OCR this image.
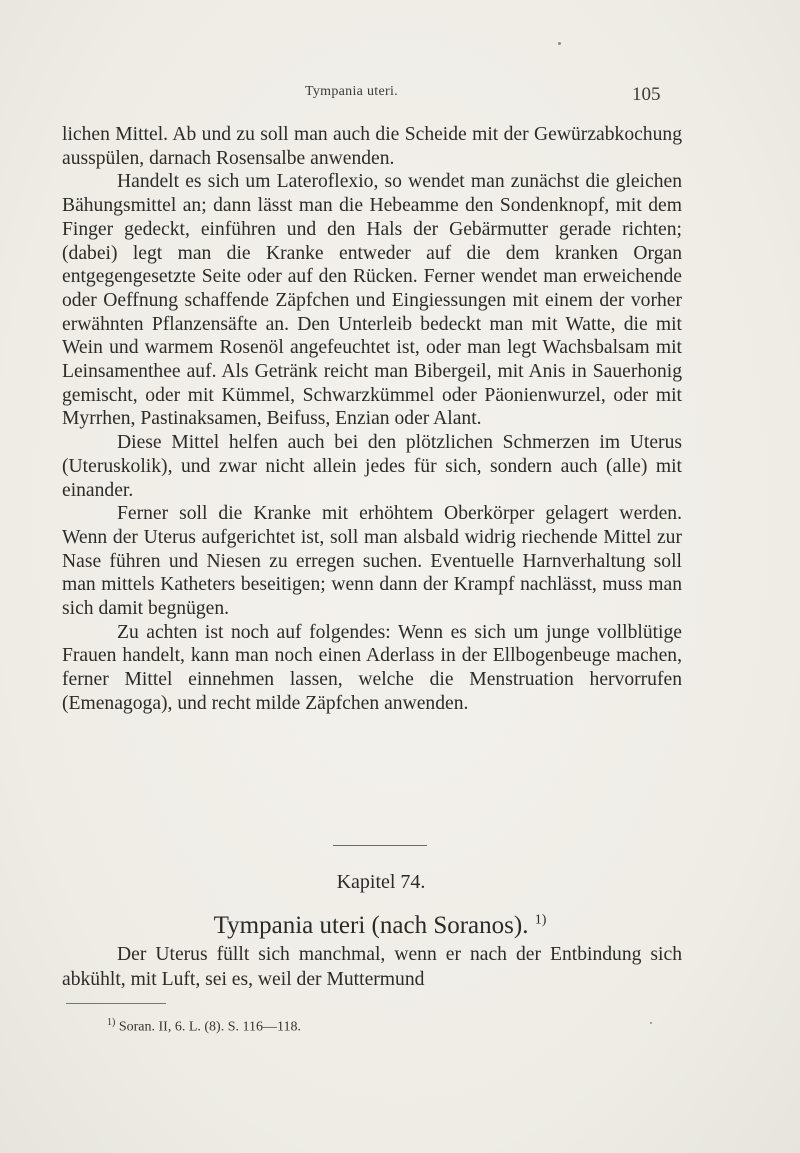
Tympania uteri.	105

lichen Mittel. Ab und zu soll man auch die Scheide mit der Gewürzabkochung ausspülen, darnach Rosensalbe anwenden.

Handelt es sich um Lateroflexio, so wendet man zunächst die gleichen Bähungsmittel an; dann lässt man die Hebeamme den Sondenknopf, mit dem Finger gedeckt, einführen und den Hals der Gebärmutter gerade richten; (dabei) legt man die Kranke entweder auf die dem kranken Organ entgegengesetzte Seite oder auf den Rücken. Ferner wendet man erweichende oder Oeffnung schaffende Zäpfchen und Eingiessungen mit einem der vorher erwähnten Pflanzensäfte an. Den Unterleib bedeckt man mit Watte, die mit Wein und warmem Rosenöl angefeuchtet ist, oder man legt Wachsbalsam mit Leinsamenthee auf. Als Getränk reicht man Bibergeil, mit Anis in Sauerhonig gemischt, oder mit Kümmel, Schwarzkümmel oder Päonienwurzel, oder mit Myrrhen, Pastinaksamen, Beifuss, Enzian oder Alant.

Diese Mittel helfen auch bei den plötzlichen Schmerzen im Uterus (Uteruskolik), und zwar nicht allein jedes für sich, sondern auch (alle) mit einander.

Ferner soll die Kranke mit erhöhtem Oberkörper gelagert werden. Wenn der Uterus aufgerichtet ist, soll man alsbald widrig riechende Mittel zur Nase führen und Niesen zu erregen suchen. Eventuelle Harnverhaltung soll man mittels Katheters beseitigen; wenn dann der Krampf nachlässt, muss man sich damit begnügen.

Zu achten ist noch auf folgendes: Wenn es sich um junge vollblütige Frauen handelt, kann man noch einen Aderlass in der Ellbogenbeuge machen, ferner Mittel einnehmen lassen, welche die Menstruation hervorrufen (Emenagoga), und recht milde Zäpfchen anwenden.

Kapitel 74.
Tympania uteri (nach Soranos). $^{1)}$

Der Uterus füllt sich manchmal, wenn er nach der Entbindung sich abkühlt, mit Luft, sei es, weil der Muttermund

$^{1)}$ Soran. II, 6. L. (8). S. 116—118.
